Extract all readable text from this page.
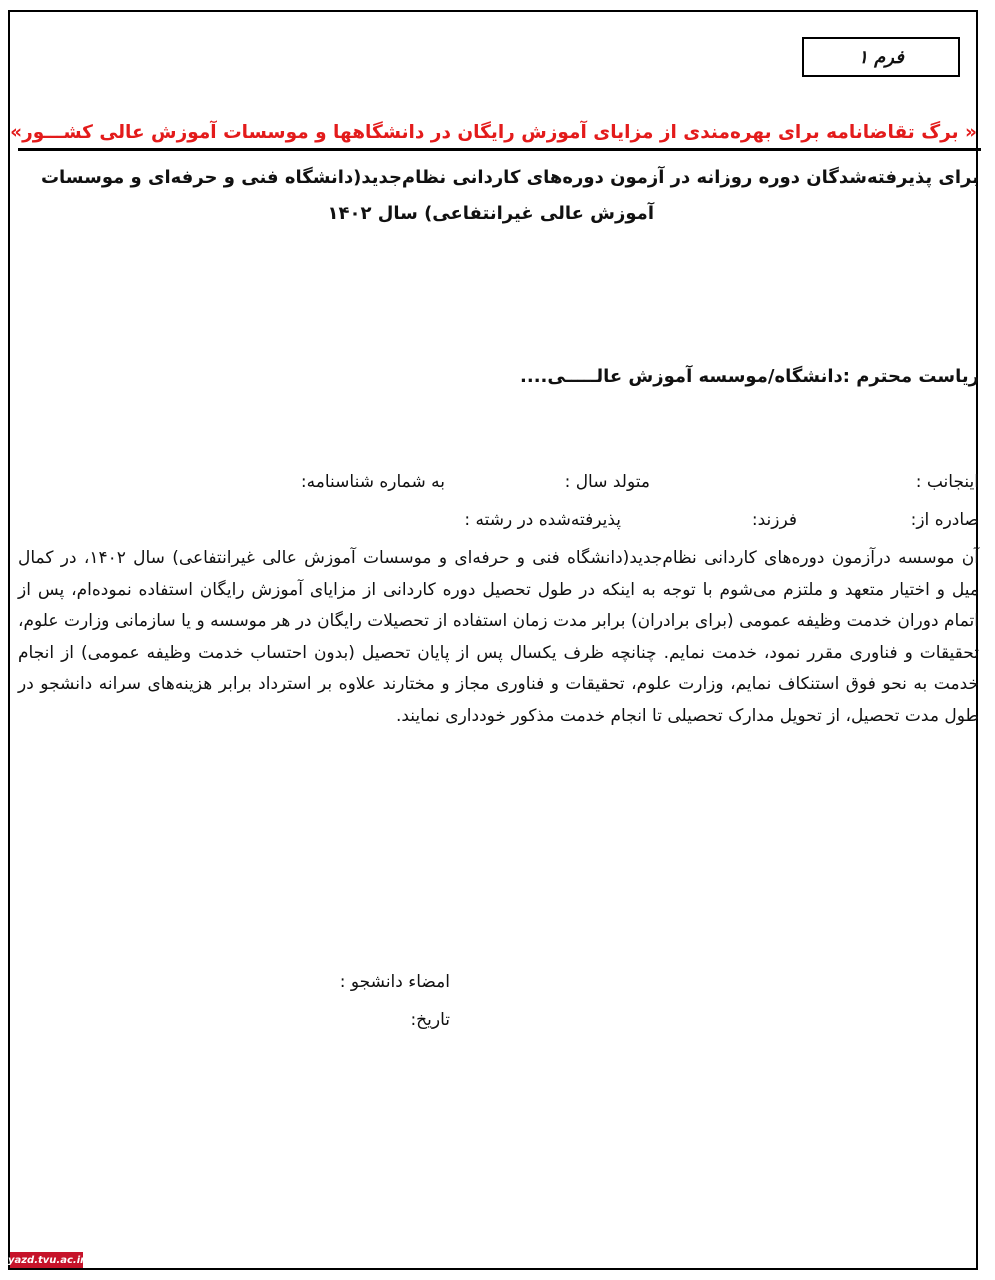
فرم ۱
« برگ تقاضانامه برای بهره‌مندی از مزایای آموزش رایگان در دانشگاهها و موسسات آموزش عالی کشـــور»
برای پذیرفته‌شدگان دوره روزانه در آزمون دوره‌های کاردانی نظام‌جدید(دانشگاه فنی و حرفه‌ای و موسسات
آموزش عالی غیرانتفاعی) سال ۱۴۰۲
ریاست محترم :دانشگاه/موسسه آموزش عالـــــی....
اینجانب :
متولد سال :
به شماره شناسنامه:
صادره از:
فرزند:
پذیرفته‌شده در رشته :
آن موسسه درآزمون دوره‌های کاردانی نظام‌جدید(دانشگاه فنی و حرفه‌ای و موسسات آموزش عالی غیرانتفاعی) سال ۱۴۰۲، در کمال میل و اختیار متعهد و ملتزم می‌شوم با توجه به اینکه در طول تحصیل دوره کاردانی از مزایای آموزش رایگان استفاده نموده‌ام، پس از اتمام دوران خدمت وظیفه عمومی (برای برادران) برابر مدت زمان استفاده از تحصیلات رایگان در هر موسسه و یا سازمانی وزارت علوم، تحقیقات و فناوری مقرر نمود، خدمت نمایم. چنانچه ظرف یکسال پس از پایان تحصیل (بدون احتساب خدمت وظیفه عمومی) از انجام خدمت به نحو فوق استنکاف نمایم، وزارت علوم، تحقیقات و فناوری مجاز و مختارند علاوه بر استرداد برابر هزینه‌های سرانه دانشجو در طول مدت تحصیل، از تحویل مدارک تحصیلی تا انجام خدمت مذکور خودداری نمایند.
امضاء دانشجو :
تاریخ:
yazd.tvu.ac.ir
